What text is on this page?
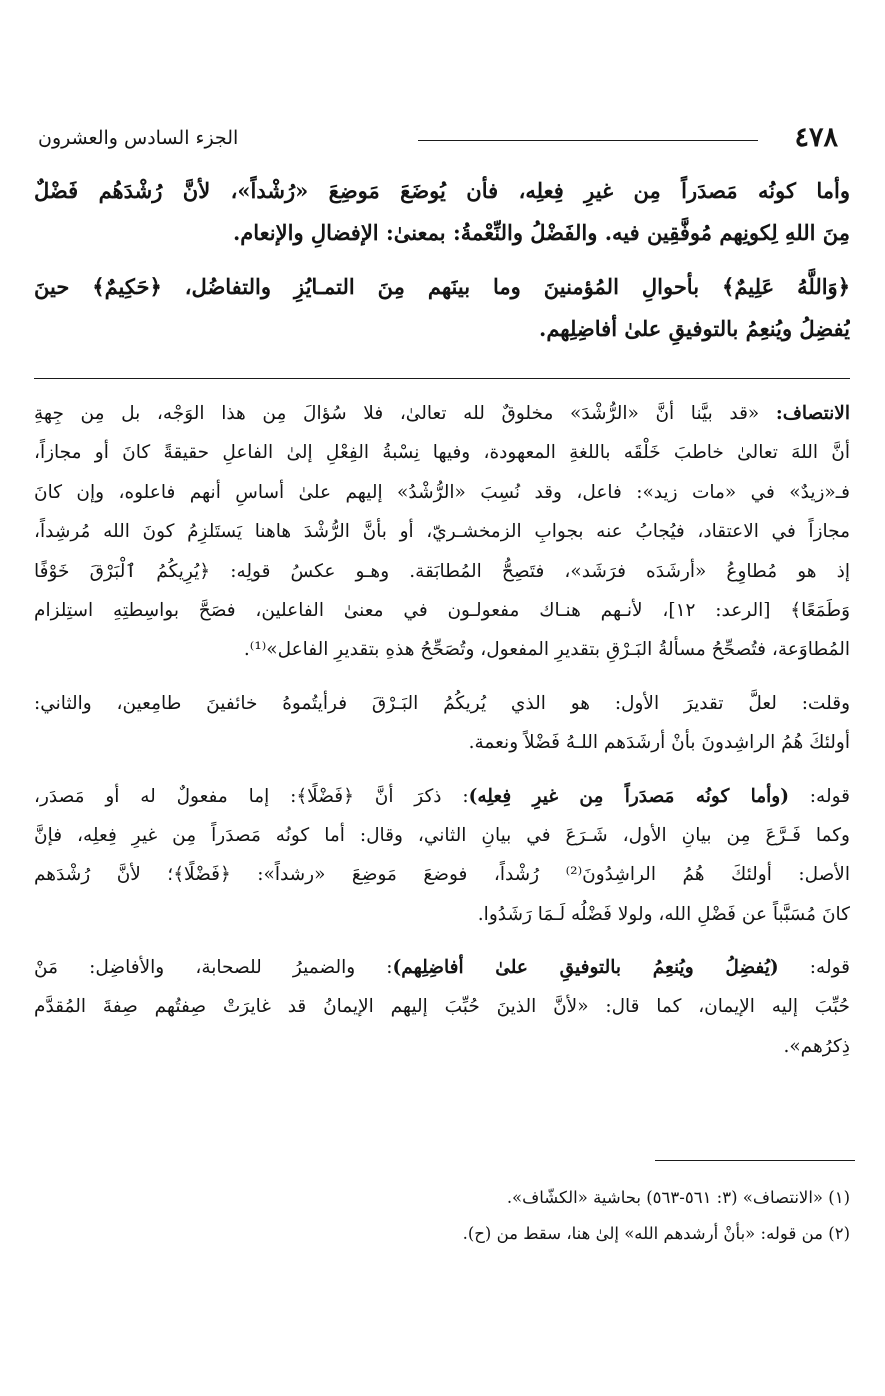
٤٧٨
الجزء السادس والعشرون
وأما كونُه مَصدَراً مِن غيرِ فِعلِه، فأن يُوضَعَ مَوضِعَ «رُشْداً»، لأنَّ رُشْدَهُم فَضْلٌ
مِنَ اللهِ لِكونِهم مُوفَّقِين فيه. والفَضْلُ والنِّعْمةُ: بمعنىٰ: الإفضالِ والإنعام.
﴿وَاللَّهُ عَلِيمٌ﴾ بأحوالِ المُؤمنينَ وما بينَهم مِنَ التمـايُزِ والتفاضُل، ﴿حَكِيمٌ﴾ حينَ
يُفضِلُ ويُنعِمُ بالتوفيقِ علىٰ أفاضِلِهم.
الانتصاف: «قد بيَّنا أنَّ «الرُّشْدَ» مخلوقٌ لله تعالىٰ، فلا سُؤالَ مِن هذا الوَجْه، بل مِن جِهةِ
أنَّ اللهَ تعالىٰ خاطبَ خَلْقَه باللغةِ المعهودة، وفيها نِسْبةُ الفِعْلِ إلىٰ الفاعلِ حقيقةً كانَ أو مجازاً،
فـ«زيدٌ» في «مات زيد»: فاعل، وقد نُسِبَ «الرُّشْدُ» إليهم علىٰ أساسِ أنهم فاعلوه، وإن كانَ
مجازاً في الاعتقاد، فيُجابُ عنه بجوابِ الزمخشـريّ، أو بأنَّ الرُّشْدَ هاهنا يَستَلزِمُ كونَ الله مُرشِداً،
إذ هو مُطاوِعُ «أرشَدَه فرَشَد»، فتَصِحُّ المُطابَقة. وهـو عكسُ قولِه: ﴿يُرِيكُمُ ٱلْبَرْقَ خَوْفًا
وَطَمَعًا﴾ [الرعد: ١٢]، لأنـهم هنـاك مفعولـون في معنىٰ الفاعلين، فصَحَّ بواسِطتِهِ استِلزام
المُطاوَعة، فتُصحِّحُ مسألةُ البَـرْقِ بتقديرِ المفعول، وتُصَحِّحُ هذهِ بتقديرِ الفاعل»⁽¹⁾.
وقلت: لعلَّ تقديرَ الأول: هو الذي يُريكُمُ البَـرْقَ فرأيتُموهُ خائفينَ طامِعين، والثاني:
أولئكَ هُمُ الراشِدونَ بأنْ أرشَدَهم اللـهُ فَضْلاً ونعمة.
قوله: (وأما كونُه مَصدَراً مِن غيرِ فِعلِه): ذكرَ أنَّ ﴿فَضْلًا﴾: إما مفعولٌ له أو مَصدَر،
وكما فَـرَّعَ مِن بيانِ الأول، شَـرَعَ في بيانِ الثاني، وقال: أما كونُه مَصدَراً مِن غيرِ فِعلِه، فإنَّ
الأصل: أولئكَ هُمُ الراشِدُونَ⁽²⁾ رُشْداً، فوضعَ مَوضِعَ «رشداً»: ﴿فَضْلًا﴾؛ لأنَّ رُشْدَهم
كانَ مُسَبَّباً عن فَضْلِ الله، ولولا فَضْلُه لَـمَا رَشَدُوا.
قوله: (يُفضِلُ ويُنعِمُ بالتوفيقِ علىٰ أفاضِلِهم): والضميرُ للصحابة، والأفاضِل: مَنْ
حُبِّبَ إليه الإيمان، كما قال: «لأنَّ الذينَ حُبِّبَ إليهم الإيمانُ قد غايرَتْ صِفتُهم صِفةَ المُقدَّم
ذِكرُهم».
(١) «الانتصاف» (٣: ٥٦١-٥٦٣) بحاشية «الكشّاف».
(٢) من قوله: «بأنْ أرشدهم الله» إلىٰ هنا، سقط من (ح).
